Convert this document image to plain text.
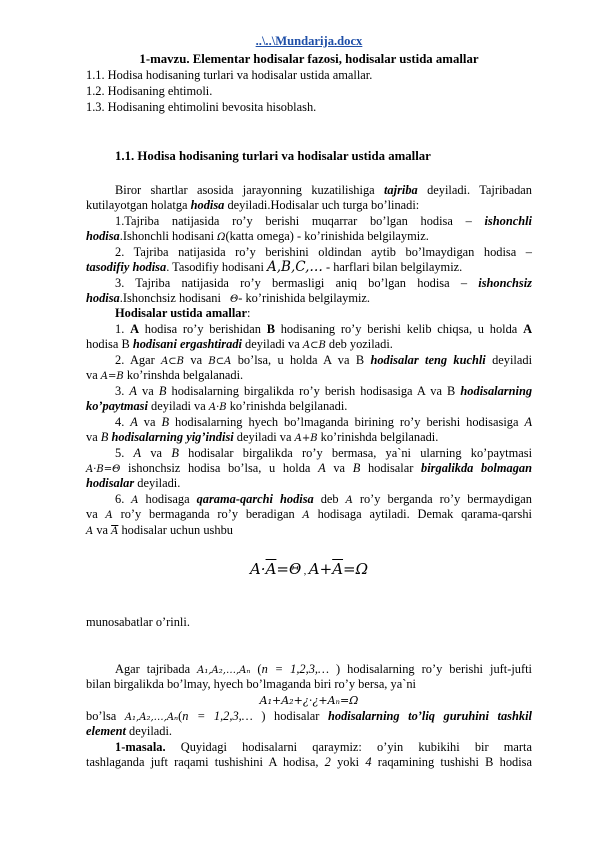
..\..\Mundarija.docx
1-mavzu. Elementar hodisalar fazosi, hodisalar ustida amallar
1.1. Hodisa hodisaning turlari va hodisalar ustida amallar.
1.2. Hodisaning ehtimoli.
1.3. Hodisaning ehtimolini bevosita hisoblash.
1.1. Hodisa hodisaning turlari va hodisalar ustida amallar
Biror shartlar asosida jarayonning kuzatilishiga tajriba deyiladi. Tajribadan
kutilayotgan holatga hodisa deyiladi.Hodisalar uch turga bo’linadi:
1.Tajriba natijasida ro’y berishi muqarrar bo’lgan hodisa – ishonchli
hodisa.Ishonchli hodisani Ω(katta omega) - ko’rinishida belgilaymiz.
2. Tajriba natijasida ro’y berishini oldindan aytib bo’lmaydigan hodisa –
tasodifiy hodisa. Tasodifiy hodisani A,B,C,… - harflari bilan belgilaymiz.
3. Tajriba natijasida ro’y bermasligi aniq bo’lgan hodisa – ishonchsiz
hodisa.Ishonchsiz hodisani Θ- ko’rinishida belgilaymiz.
Hodisalar ustida amallar:
1. A hodisa ro’y berishidan B hodisaning ro’y berishi kelib chiqsa, u holda A
hodisa B hodisani ergashtiradi deyiladi va A⊂B deb yoziladi.
2. Agar A⊂B va B⊂A bo’lsa, u holda A va B hodisalar teng kuchli deyiladi
va A=B ko’rinshda belgalanadi.
3. A va B hodisalarning birgalikda ro’y berish hodisasiga A va B hodisalarning
ko’paytmasi deyiladi va A·B ko’rinishda belgilanadi.
4. A va B hodisalarning hyech bo’lmaganda birining ro’y berishi hodisasiga A
va B hodisalarning yig’indisi deyiladi va A+B ko’rinishda belgilanadi.
5. A va B hodisalar birgalikda ro’y bermasa, ya`ni ularning ko’paytmasi
A·B=Θ ishonchsiz hodisa bo’lsa, u holda A va B hodisalar birgalikda bolmagan
hodisalar deyiladi.
6. A hodisaga qarama-qarchi hodisa deb A ro’y berganda ro’y bermaydigan
va A ro’y bermaganda ro’y beradigan A hodisaga aytiladi. Demak qarama-qarshi
A va $\overline{A}$ hodisalar uchun ushbu
$A\cdot\overline{A}=\Theta$ , $A+\overline{A}=\Omega$
munosabatlar o’rinli.
Agar tajribada A₁,A₂,…,Aₙ (n = 1,2,3,… ) hodisalarning ro’y berishi juft-jufti
bilan birgalikda bo’lmay, hyech bo’lmaganda biri ro’y bersa, ya`ni
A₁+A₂+¿⋅¿+Aₙ=Ω
bo’lsa A₁,A₂,…,Aₙ(n = 1,2,3,… ) hodisalar hodisalarning to’liq guruhini tashkil
element deyiladi.
1-masala. Quyidagi hodisalarni qaraymiz: o’yin kubikihi bir marta
tashlaganda juft raqami tushishini A hodisa, 2 yoki 4 raqamining tushishi B hodisa
